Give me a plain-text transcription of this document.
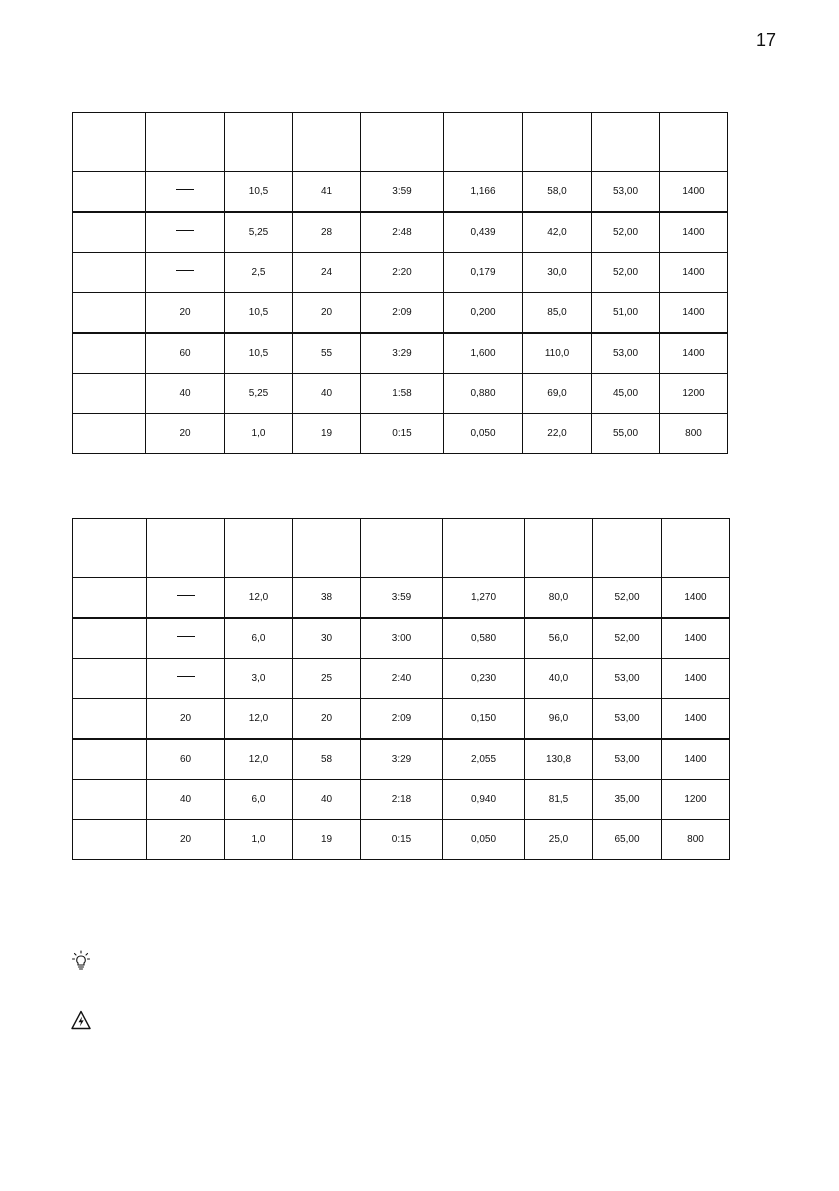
17

		10,5	41	3:59	1,166	58,0	53,00	1400
		5,25	28	2:48	0,439	42,0	52,00	1400
		2,5	24	2:20	0,179	30,0	52,00	1400
	20	10,5	20	2:09	0,200	85,0	51,00	1400
	60	10,5	55	3:29	1,600	110,0	53,00	1400
	40	5,25	40	1:58	0,880	69,0	45,00	1200
	20	1,0	19	0:15	0,050	22,0	55,00	800

		12,0	38	3:59	1,270	80,0	52,00	1400
		6,0	30	3:00	0,580	56,0	52,00	1400
		3,0	25	2:40	0,230	40,0	53,00	1400
	20	12,0	20	2:09	0,150	96,0	53,00	1400
	60	12,0	58	3:29	2,055	130,8	53,00	1400
	40	6,0	40	2:18	0,940	81,5	35,00	1200
	20	1,0	19	0:15	0,050	25,0	65,00	800
